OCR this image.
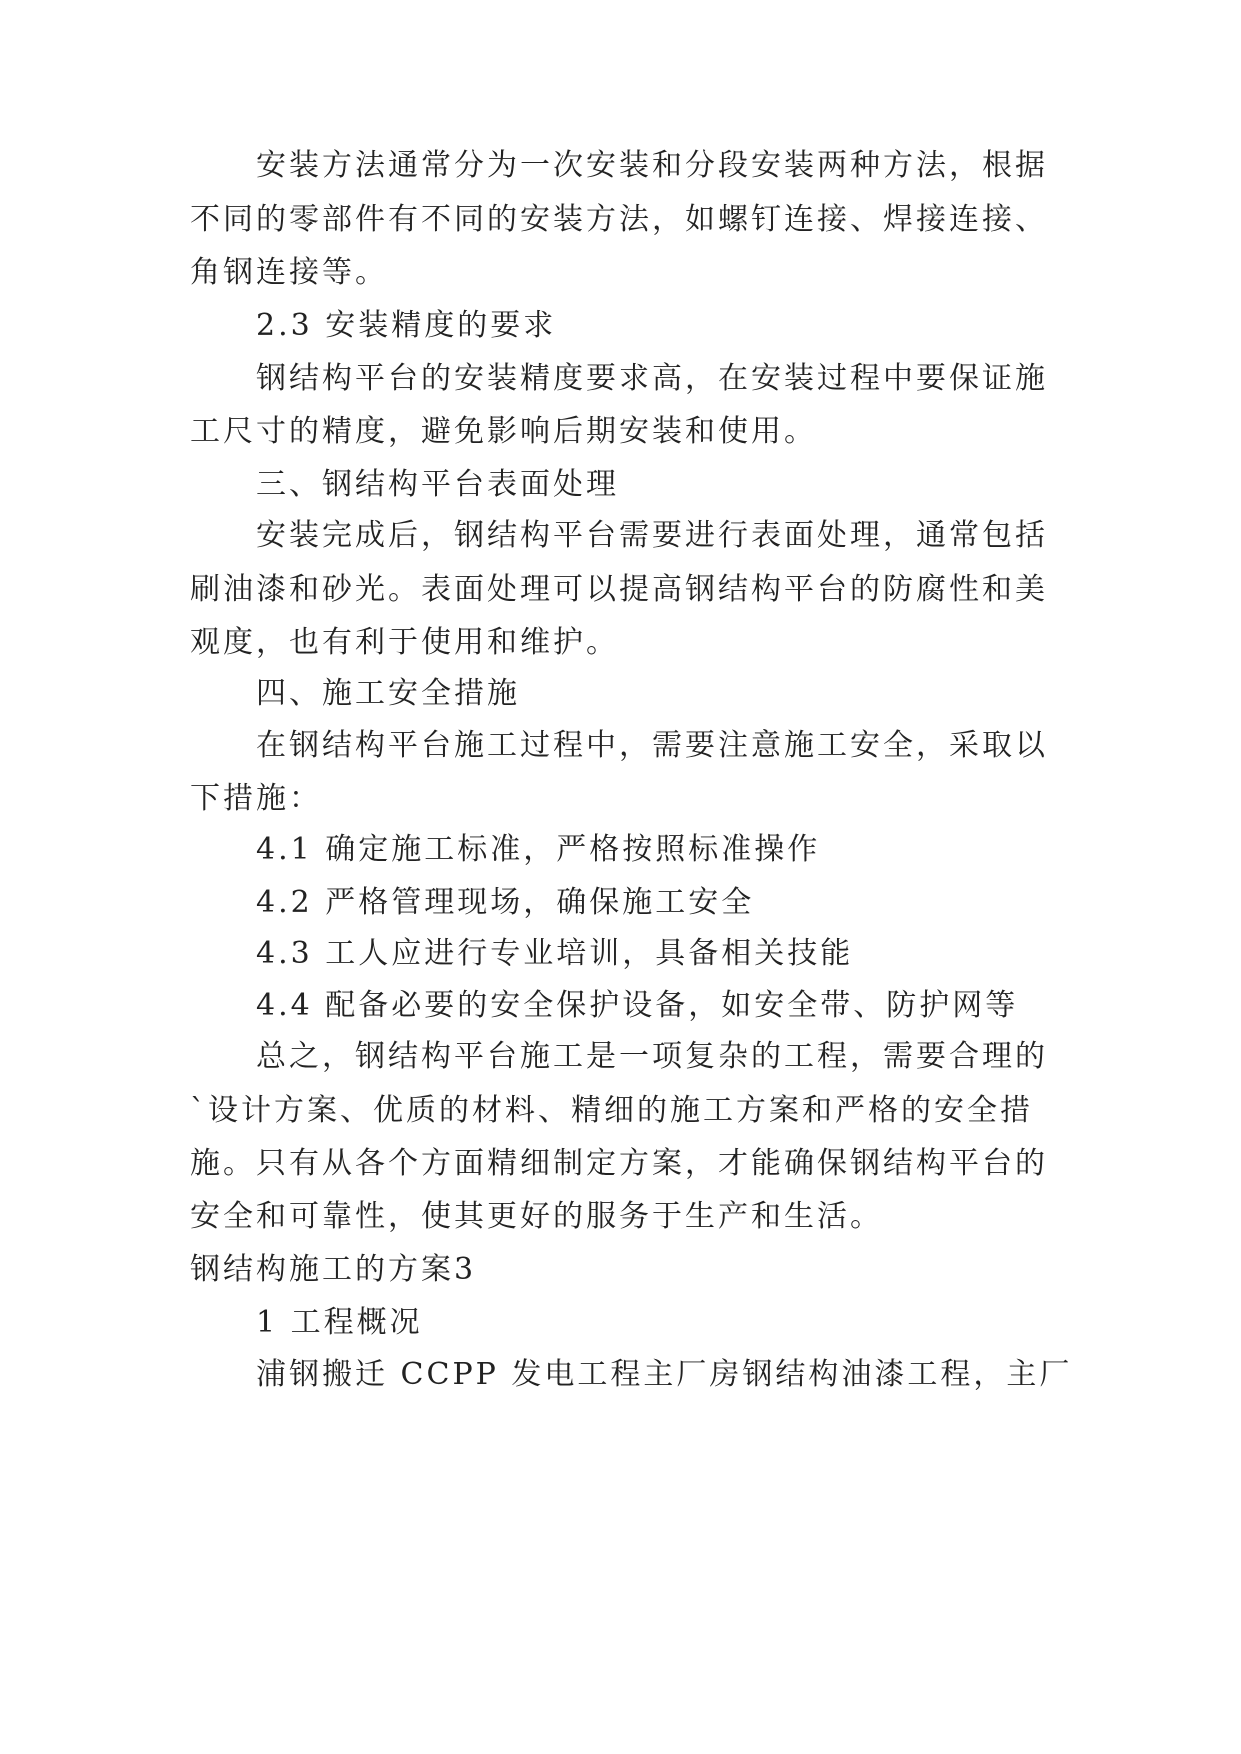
安装方法通常分为一次安装和分段安装两种方法，根据
不同的零部件有不同的安装方法，如螺钉连接、焊接连接、
角钢连接等。
2.3 安装精度的要求
钢结构平台的安装精度要求高，在安装过程中要保证施
工尺寸的精度，避免影响后期安装和使用。
三、钢结构平台表面处理
安装完成后，钢结构平台需要进行表面处理，通常包括
刷油漆和砂光。表面处理可以提高钢结构平台的防腐性和美
观度，也有利于使用和维护。
四、施工安全措施
在钢结构平台施工过程中，需要注意施工安全，采取以
下措施：
4.1 确定施工标准，严格按照标准操作
4.2 严格管理现场，确保施工安全
4.3 工人应进行专业培训，具备相关技能
4.4 配备必要的安全保护设备，如安全带、防护网等
总之，钢结构平台施工是一项复杂的工程，需要合理的
`设计方案、优质的材料、精细的施工方案和严格的安全措
施。只有从各个方面精细制定方案，才能确保钢结构平台的
安全和可靠性，使其更好的服务于生产和生活。
钢结构施工的方案3
1 工程概况
浦钢搬迁 CCPP 发电工程主厂房钢结构油漆工程，主厂
